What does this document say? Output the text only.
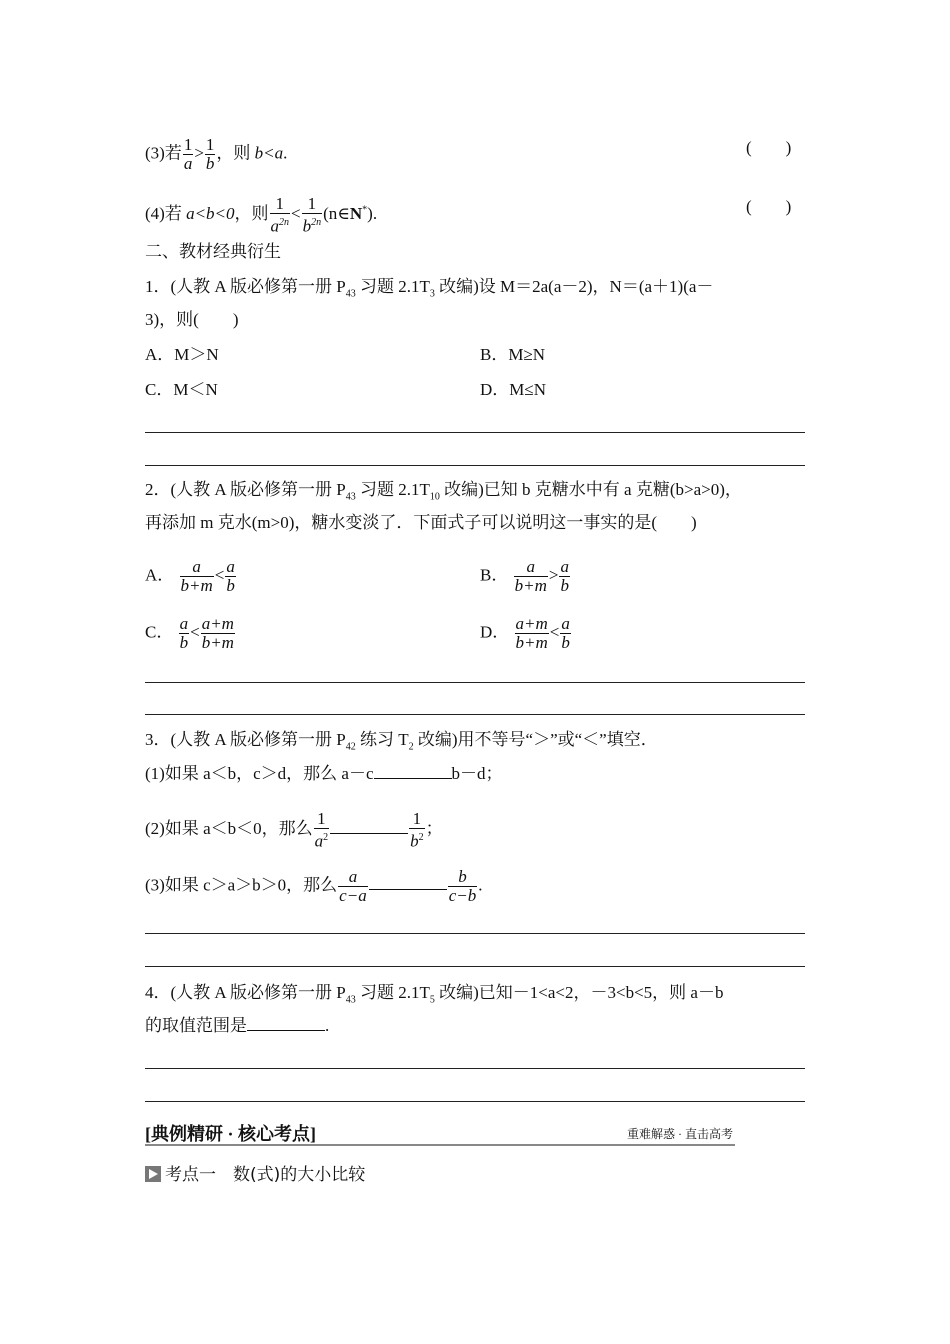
(3)若 $\frac{1}{a} > \frac{1}{b}$ ，则 b<a.	(　　)
(4)若 a<b<0，则 $\frac{1}{a^{2n}} < \frac{1}{b^{2n}}$ (n∈N*).	(　　)
二、教材经典衍生
1．(人教 A 版必修第一册 $P_{43}$ 习题 $2.1T_3$ 改编)设 M＝2a(a－2)，N＝(a＋1)(a－
3)，则(　　)
A．M＞N	B．M≥N
C．M＜N	D．M≤N
2．(人教 A 版必修第一册 $P_{43}$ 习题 $2.1T_{10}$ 改编)已知 b 克糖水中有 a 克糖(b>a>0)，
再添加 m 克水(m>0)，糖水变淡了．下面式子可以说明这一事实的是(　　)
A． $\frac{a}{b+m} < \frac{a}{b}$	B． $\frac{a}{b+m} > \frac{a}{b}$
C． $\frac{a}{b} < \frac{a+m}{b+m}$	D． $\frac{a+m}{b+m} < \frac{a}{b}$
3．(人教 A 版必修第一册 $P_{42}$ 练习 $T_2$ 改编)用不等号“＞”或“＜”填空．
(1)如果 a＜b，c＞d，那么 a－c	b－d；
(2)如果 a＜b＜0，那么 $\frac{1}{a^2}$	$\frac{1}{b^2}$ ；
(3)如果 c＞a＞b＞0，那么 $\frac{a}{c-a}$	$\frac{b}{c-b}$ .
4．(人教 A 版必修第一册 $P_{43}$ 习题 $2.1T_5$ 改编)已知－1<a<2，－3<b<5，则 a－b
的取值范围是	.
[典例精研 · 核心考点]	重难解惑 · 直击高考
考点一　数(式)的大小比较
